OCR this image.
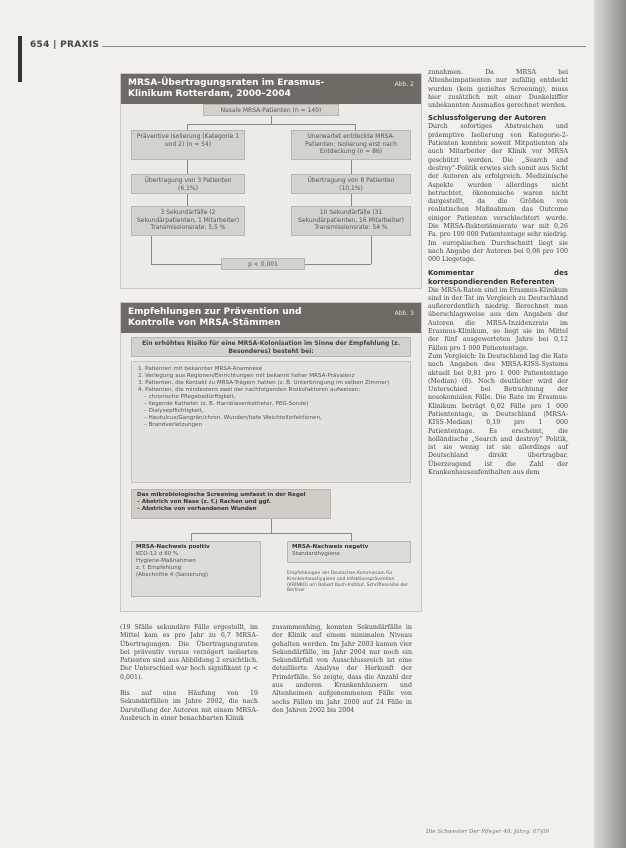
654 | PRAXIS
MRSA-Übertragungsraten im Erasmus-Klinikum Rotterdam, 2000–2004
Abb. 2
Nasale MRSA-Patienten (n = 140)
Präventive Isolierung (Kategorie 1 und 2) (n = 54)
Unerwartet entdeckte MRSA-Patienten: Isolierung erst nach Entdeckung (n = 86)
Übertragung von 3 Patienten (6,1%)
Übertragung von 8 Patienten (10,1%)
3 Sekundärfälle (2 Sekundärpatienten, 1 Mitarbeiter) Transmissionsrate: 5,5 %
10 Sekundärfälle (31 Sekundärpatienten, 16 Mitarbeiter) Transmissionsrate: 54 %
p < 0,001
Empfehlungen zur Prävention und Kontrolle von MRSA-Stämmen
Abb. 3
Ein erhöhtes Risiko für eine MRSA-Kolonisation im Sinne der Empfehlung (z. Besonderes) besteht bei:
1. Patienten mit bekannter MRSA-Anamnese
2. Verlegung aus Regionen/Einrichtungen mit bekannt hoher MRSA-Prävalenz
3. Patienten, die Kontakt zu MRSA-Trägern hatten (z. B. Unterbringung im selben Zimmer)
4. Patienten, die mindestens zwei der nachfolgenden Risikofaktoren aufweisen:
– chronische Pflegebedürftigkeit,
– liegende Katheter (z. B. Harnblasenkatheter, PEG-Sonde)
– Dialysepflichtigkeit,
– Hautulcus/Gangrän/chron. Wunden/tiefe Weichteilinfektionen,
– Brandverletzungen
Das mikrobiologische Screening umfasst in der Regel
– Abstrich von Nase (z. f.) Rachen und ggf.
– Abstriche von vorhandenen Wunden
MRSA-Nachweis positiv
KCO-12 d 80 %
Hygiene-Maßnahmen
z. f. Empfehlung
(Abschnitte 4 (Sanierung)
MRSA-Nachweis negativ
Standardhygiene
Empfehlungen der Deutschen Kommission für Krankenhaushygiene und Infektionsprävention (KRINKO) am Robert Koch-Institut, Schriftenreihe der Berliner

zunahmen. Da MRSA bei Altenheimpatienten nur zufällig entdeckt wurden (kein gezieltes Screening), muss hier zusätzlich mit einer Dunkelziffer unbekannten Ausmaßes gerechnet werden.

Schlussfolgerung der Autoren

Durch sofortiges Abstreichen und präemptive Isolierung von Kategorie-2-Patienten konnten soweit Mitpatienten als auch Mitarbeiter der Klinik vor MRSA geschützt werden. Die „Search and destroy“-Politik erwies sich somit aus Sicht der Autoren als erfolgreich. Medizinische Aspekte wurden allerdings nicht betrachtet, ökonomische waren nicht dargestellt, da die Größen von realistischen Maßnahmen das Outcome einiger Patienten verschlechtert wurde. Die MRSA-Bakteriämierate war mit 0,26 Fa. pro 100 000 Patiententage sehr niedrig. Im europäischen Durchschnitt liegt sie nach Angabe der Autoren bei 0,08 pro 100 000 Liegetage.

Kommentar des korrespondierenden Referenten

Die MRSA-Raten sind im Erasmus-Klinikum sind in der Tat im Vergleich zu Deutschland außerordentlich niedrig. Berechnet man überschlagsweise aus den Angaben der Autoren die MRSA-Inzidenzrate im Erasmus-Klinikum, so liegt sie im Mittel der fünf ausgewerteten Jahre bei 0,12 Fällen pro 1 000 Patiententage.

Zum Vergleich: In Deutschland lag die Rate nach Angaben des MRSA-KISS-Systems aktuell bei 0,81 pro 1 000 Patiententage (Median) (6). Noch deutlicher wird der Unterschied bei Betrachtung der nosokomialen Fälle. Die Rate im Erasmus-Klinikum beträgt 0,02 Fälle pro 1 000 Patiententage, in Deutschland (MRSA-KISS-Median) 0,19 pro 1 000 Patiententage. Es erscheint, die holländische „Search and destroy“ Politik, ist sie wenig ist sie allerdings auf Deutschland direkt übertragbar. Überzeugend ist die Zahl der Krankenhausaufenthalten aus dem

(19 Sfälle sekundäre Fälle ergestellt, im Mittel kam es pro Jahr zu 6,7 MRSA-Übertragungen. Die Übertragungsraten bei präventiv versus verzögert isolierten Patienten sind aus Abbildung 2 ersichtlich. Der Unterschied war hoch signifikant (p < 0,001).

Bis auf eine Häufung von 19 Sekundärfällen im Jahre 2002, die nach Darstellung der Autoren mit einem MRSA-Ausbruch in einer benachbarten Klinik

zusammenhing, konnten Sekundärfälle in der Klinik auf einem minimalen Niveau gehalten werden. Im Jahr 2003 kamen vier Sekundärfälle, im Jahr 2004 nur noch ein Sekundärfall von Ausschlussreich ist eine detaillierte Analyse der Herkunft der Primärfälle. So zeigte, dass die Anzahl der aus anderen Krankenhäusern und Altenheimen aufgenommenen Fälle von sechs Fällen im Jahr 2000 auf 24 Fälle in den Jahren 2002 bis 2004

Die Schwester Der Pfleger 48. Jahrg. 07|09
